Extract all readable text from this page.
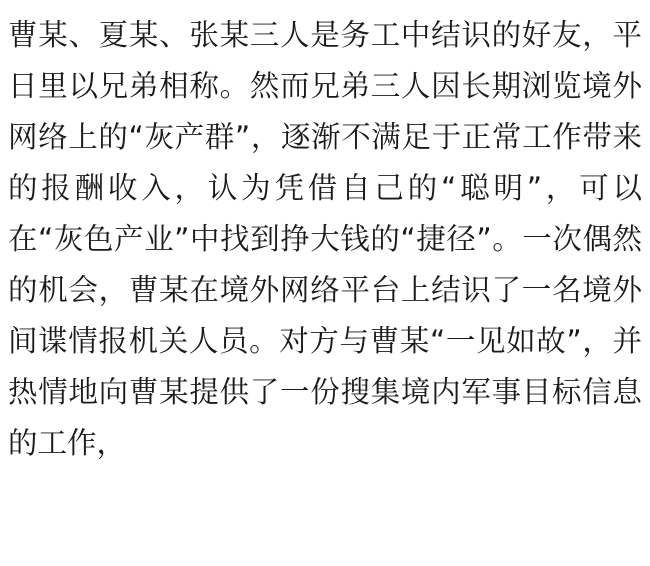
曹某、夏某、张某三人是务工中结识的好友，平日里以兄弟相称。然而兄弟三人因长期浏览境外网络上的“灰产群”，逐渐不满足于正常工作带来的报酬收入，认为凭借自己的“聪明”，可以在“灰色产业”中找到挣大钱的“捷径”。一次偶然的机会，曹某在境外网络平台上结识了一名境外间谍情报机关人员。对方与曹某“一见如故”，并热情地向曹某提供了一份搜集境内军事目标信息的工作，
